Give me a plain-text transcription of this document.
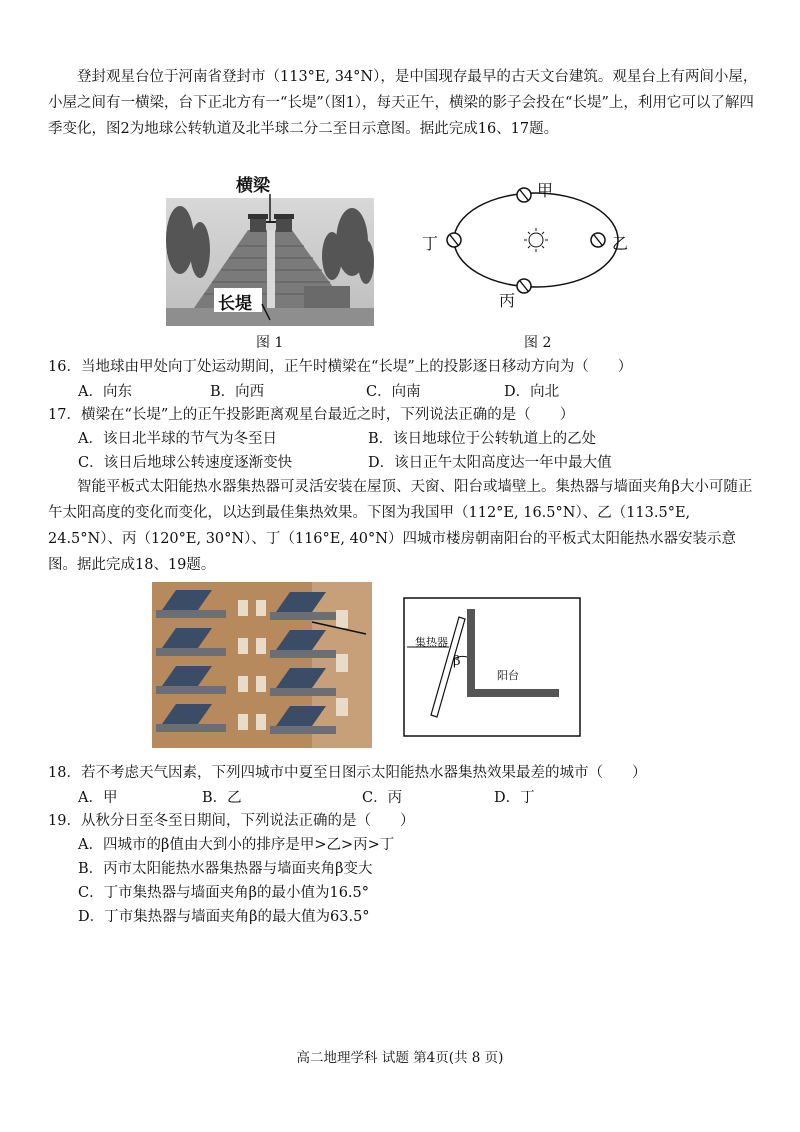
登封观星台位于河南省登封市（113°E, 34°N），是中国现存最早的古天文台建筑。观星台上有两间小屋，小屋之间有一横梁，台下正北方有一“长堤”（图1），每天正午，横梁的影子会投在“长堤”上，利用它可以了解四季变化，图2为地球公转轨道及北半球二分二至日示意图。据此完成16、17题。

横梁
长堤
图 1
甲
乙
丙
丁
图 2

16．当地球由甲处向丁处运动期间，正午时横梁在“长堤”上的投影逐日移动方向为（　　）

A．向东	B．向西	C．向南	D．向北

17．横梁在“长堤”上的正午投影距离观星台最近之时，下列说法正确的是（　　）

A．该日北半球的节气为冬至日	B．该日地球位于公转轨道上的乙处
C．该日后地球公转速度逐渐变快	D．该日正午太阳高度达一年中最大值

智能平板式太阳能热水器集热器可灵活安装在屋顶、天窗、阳台或墙壁上。集热器与墙面夹角β大小可随正午太阳高度的变化而变化，以达到最佳集热效果。下图为我国甲（112°E, 16.5°N）、乙（113.5°E, 24.5°N）、丙（120°E, 30°N）、丁（116°E, 40°N）四城市楼房朝南阳台的平板式太阳能热水器安装示意图。据此完成18、19题。

集热器
β
阳台

18．若不考虑天气因素，下列四城市中夏至日图示太阳能热水器集热效果最差的城市（　　）

A．甲	B．乙	C．丙	D．丁

19．从秋分日至冬至日期间，下列说法正确的是（　　）

A．四城市的β值由大到小的排序是甲>乙>丙>丁
B．丙市太阳能热水器集热器与墙面夹角β变大
C．丁市集热器与墙面夹角β的最小值为16.5°
D．丁市集热器与墙面夹角β的最大值为63.5°
高二地理学科 试题 第4页(共 8 页)
